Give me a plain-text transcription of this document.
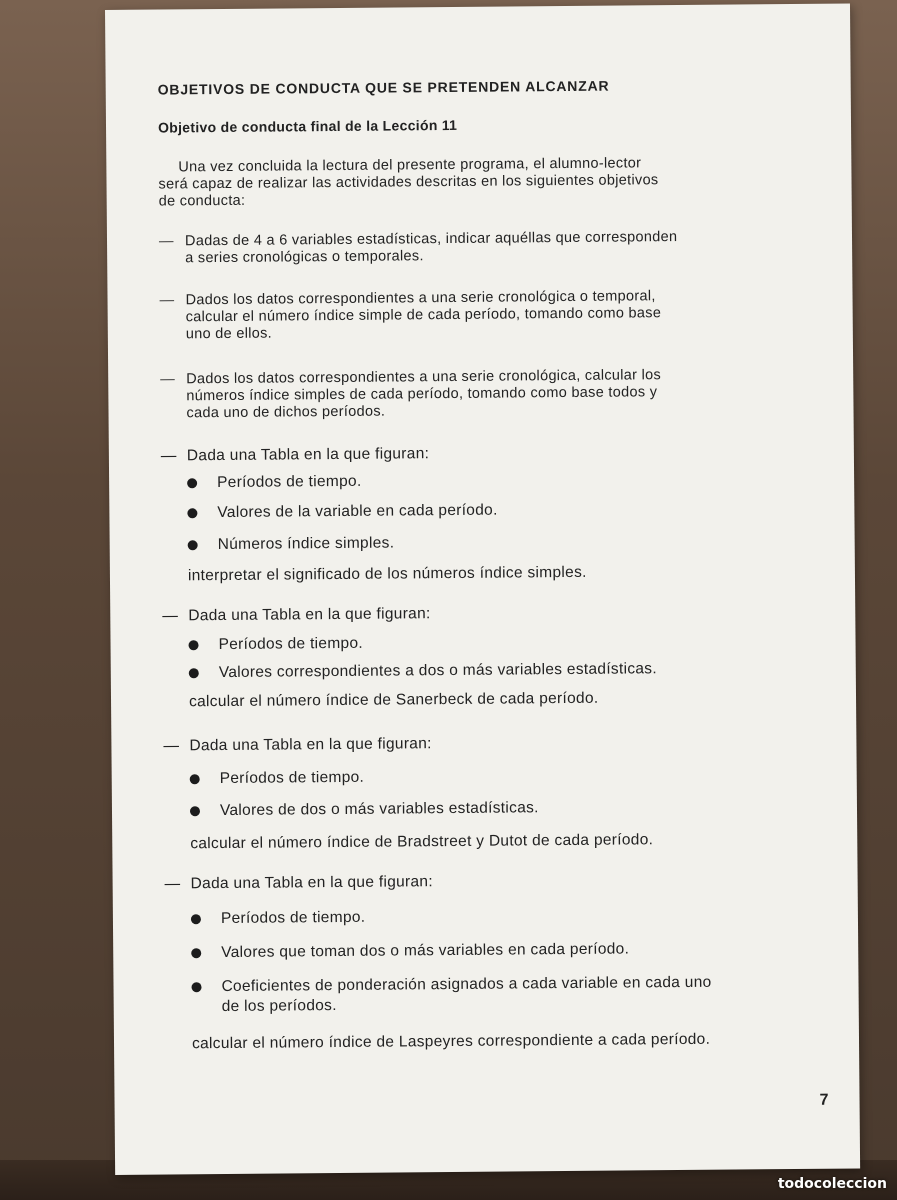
OBJETIVOS DE CONDUCTA QUE SE PRETENDEN ALCANZAR
Objetivo de conducta final de la Lección 11
Una vez concluida la lectura del presente programa, el alumno-lector
será capaz de realizar las actividades descritas en los siguientes objetivos
de conducta:
— Dadas de 4 a 6 variables estadísticas, indicar aquéllas que corresponden
a series cronológicas o temporales.
— Dados los datos correspondientes a una serie cronológica o temporal,
calcular el número índice simple de cada período, tomando como base
uno de ellos.
— Dados los datos correspondientes a una serie cronológica, calcular los
números índice simples de cada período, tomando como base todos y
cada uno de dichos períodos.
— Dada una Tabla en la que figuran:
Períodos de tiempo.
Valores de la variable en cada período.
Números índice simples.
interpretar el significado de los números índice simples.
— Dada una Tabla en la que figuran:
Períodos de tiempo.
Valores correspondientes a dos o más variables estadísticas.
calcular el número índice de Sanerbeck de cada período.
— Dada una Tabla en la que figuran:
Períodos de tiempo.
Valores de dos o más variables estadísticas.
calcular el número índice de Bradstreet y Dutot de cada período.
— Dada una Tabla en la que figuran:
Períodos de tiempo.
Valores que toman dos o más variables en cada período.
Coeficientes de ponderación asignados a cada variable en cada uno
de los períodos.
calcular el número índice de Laspeyres correspondiente a cada período.
7
todocoleccion
